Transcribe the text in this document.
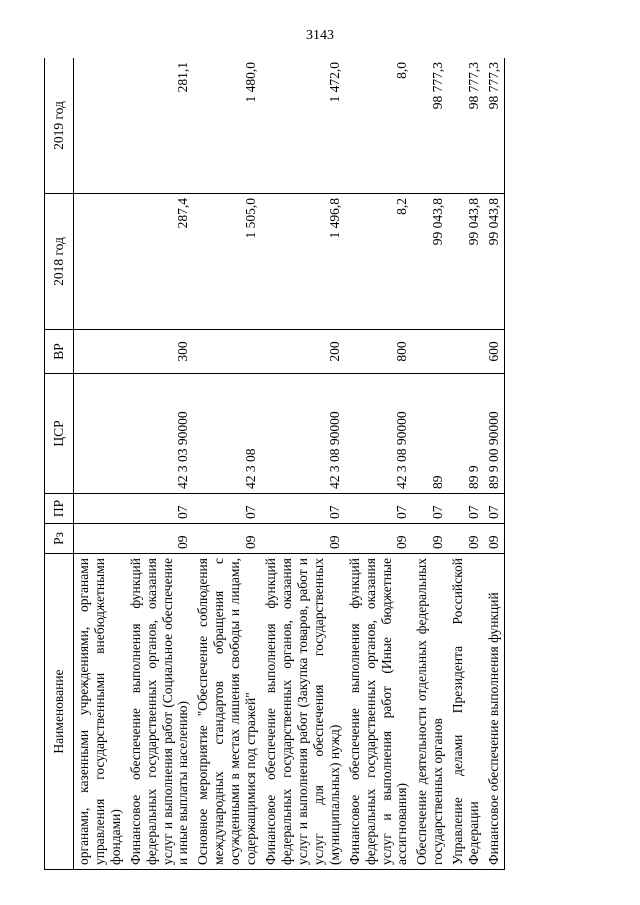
3143
Наименование	Рз	ПР	ЦСР	ВР	2018 год	2019 год
органами, казенными учреждениями, органами управления государственными внебюджетными фондами)						
Финансовое обеспечение выполнения функций федеральных государственных органов, оказания услуг и выполнения работ (Социальное обеспечение и иные выплаты населению)	09	07	42 3 03 90000	300	287,4	281,1
Основное мероприятие "Обеспечение соблюдения международных стандартов обращения с осужденными в местах лишения свободы и лицами, содержащимися под стражей"	09	07	42 3 08		1 505,0	1 480,0
Финансовое обеспечение выполнения функций федеральных государственных органов, оказания услуг и выполнения работ (Закупка товаров, работ и услуг для обеспечения государственных (муниципальных) нужд)	09	07	42 3 08 90000	200	1 496,8	1 472,0
Финансовое обеспечение выполнения функций федеральных государственных органов, оказания услуг и выполнения работ (Иные бюджетные ассигнования)	09	07	42 3 08 90000	800	8,2	8,0
Обеспечение деятельности отдельных федеральных государственных органов	09	07	89		99 043,8	98 777,3
Управление делами Президента Российской Федерации	09	07	89 9		99 043,8	98 777,3
Финансовое обеспечение выполнения функций	09	07	89 9 00 90000	600	99 043,8	98 777,3
